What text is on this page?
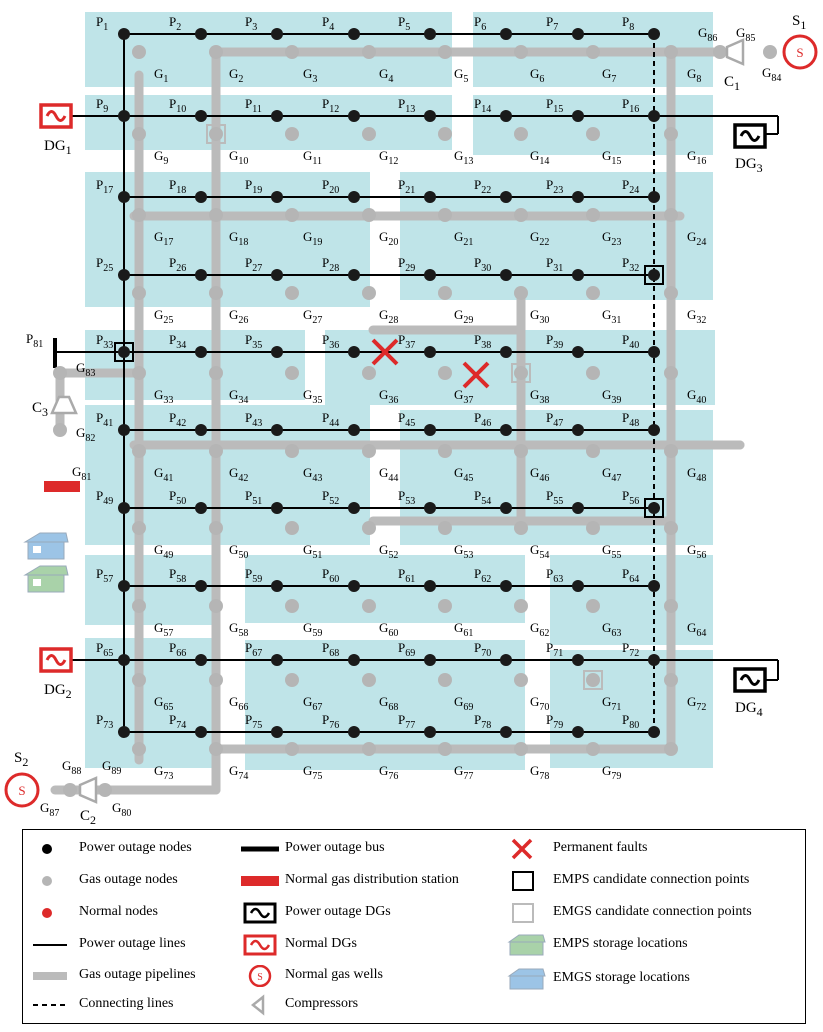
S
S
$DG_1$
$DG_2$
$DG_3$
$DG_4$
$S_1$
$S_2$
$C_1$
$C_2$
$C_3$
$P_1$	$P_2$	$P_3$	$P_4$	$P_5$	$P_6$	$P_7$	$P_8$
$P_9$	$P_{10}$	$P_{11}$	$P_{12}$	$P_{13}$	$P_{14}$	$P_{15}$	$P_{16}$
$P_{17}$	$P_{18}$	$P_{19}$	$P_{20}$	$P_{21}$	$P_{22}$	$P_{23}$	$P_{24}$
$P_{25}$	$P_{26}$	$P_{27}$	$P_{28}$	$P_{29}$	$P_{30}$	$P_{31}$	$P_{32}$
$P_{33}$	$P_{34}$	$P_{35}$	$P_{36}$	$P_{37}$	$P_{38}$	$P_{39}$	$P_{40}$
$P_{41}$	$P_{42}$	$P_{43}$	$P_{44}$	$P_{45}$	$P_{46}$	$P_{47}$	$P_{48}$
$P_{49}$	$P_{50}$	$P_{51}$	$P_{52}$	$P_{53}$	$P_{54}$	$P_{55}$	$P_{56}$
$P_{57}$	$P_{58}$	$P_{59}$	$P_{60}$	$P_{61}$	$P_{62}$	$P_{63}$	$P_{64}$
$P_{65}$	$P_{66}$	$P_{67}$	$P_{68}$	$P_{69}$	$P_{70}$	$P_{71}$	$P_{72}$
$P_{73}$	$P_{74}$	$P_{75}$	$P_{76}$	$P_{77}$	$P_{78}$	$P_{79}$	$P_{80}$
$G_1$	$G_2$	$G_3$	$G_4$	$G_5$	$G_6$	$G_7$	$G_8$
$G_9$	$G_{10}$	$G_{11}$	$G_{12}$	$G_{13}$	$G_{14}$	$G_{15}$	$G_{16}$
$G_{17}$	$G_{18}$	$G_{19}$	$G_{20}$	$G_{21}$	$G_{22}$	$G_{23}$	$G_{24}$
$G_{25}$	$G_{26}$	$G_{27}$	$G_{28}$	$G_{29}$	$G_{30}$	$G_{31}$	$G_{32}$
$G_{33}$	$G_{34}$	$G_{35}$	$G_{36}$	$G_{37}$	$G_{38}$	$G_{39}$	$G_{40}$
$G_{41}$	$G_{42}$	$G_{43}$	$G_{44}$	$G_{45}$	$G_{46}$	$G_{47}$	$G_{48}$
$G_{49}$	$G_{50}$	$G_{51}$	$G_{52}$	$G_{53}$	$G_{54}$	$G_{55}$	$G_{56}$
$G_{57}$	$G_{58}$	$G_{59}$	$G_{60}$	$G_{61}$	$G_{62}$	$G_{63}$	$G_{64}$
$G_{65}$	$G_{66}$	$G_{67}$	$G_{68}$	$G_{69}$	$G_{70}$	$G_{71}$	$G_{72}$
$G_{73}$	$G_{74}$	$G_{75}$	$G_{76}$	$G_{77}$	$G_{78}$	$G_{79}$
$P_{81}$
$G_{81}$
$G_{82}$
$G_{83}$
$G_{84}$
$G_{85}$
$G_{86}$
$G_{87}$
$G_{88}$ $G_{89}$
$G_{80}$
Power outage nodes
Gas outage nodes
Normal nodes
Power outage lines
Gas outage pipelines
Connecting lines
Power outage bus
Normal gas distribution station
Power outage DGs
Normal DGs
S Normal gas wells
Compressors
Permanent faults
EMPS candidate connection points
EMGS candidate connection points
EMPS storage locations
EMGS storage locations
